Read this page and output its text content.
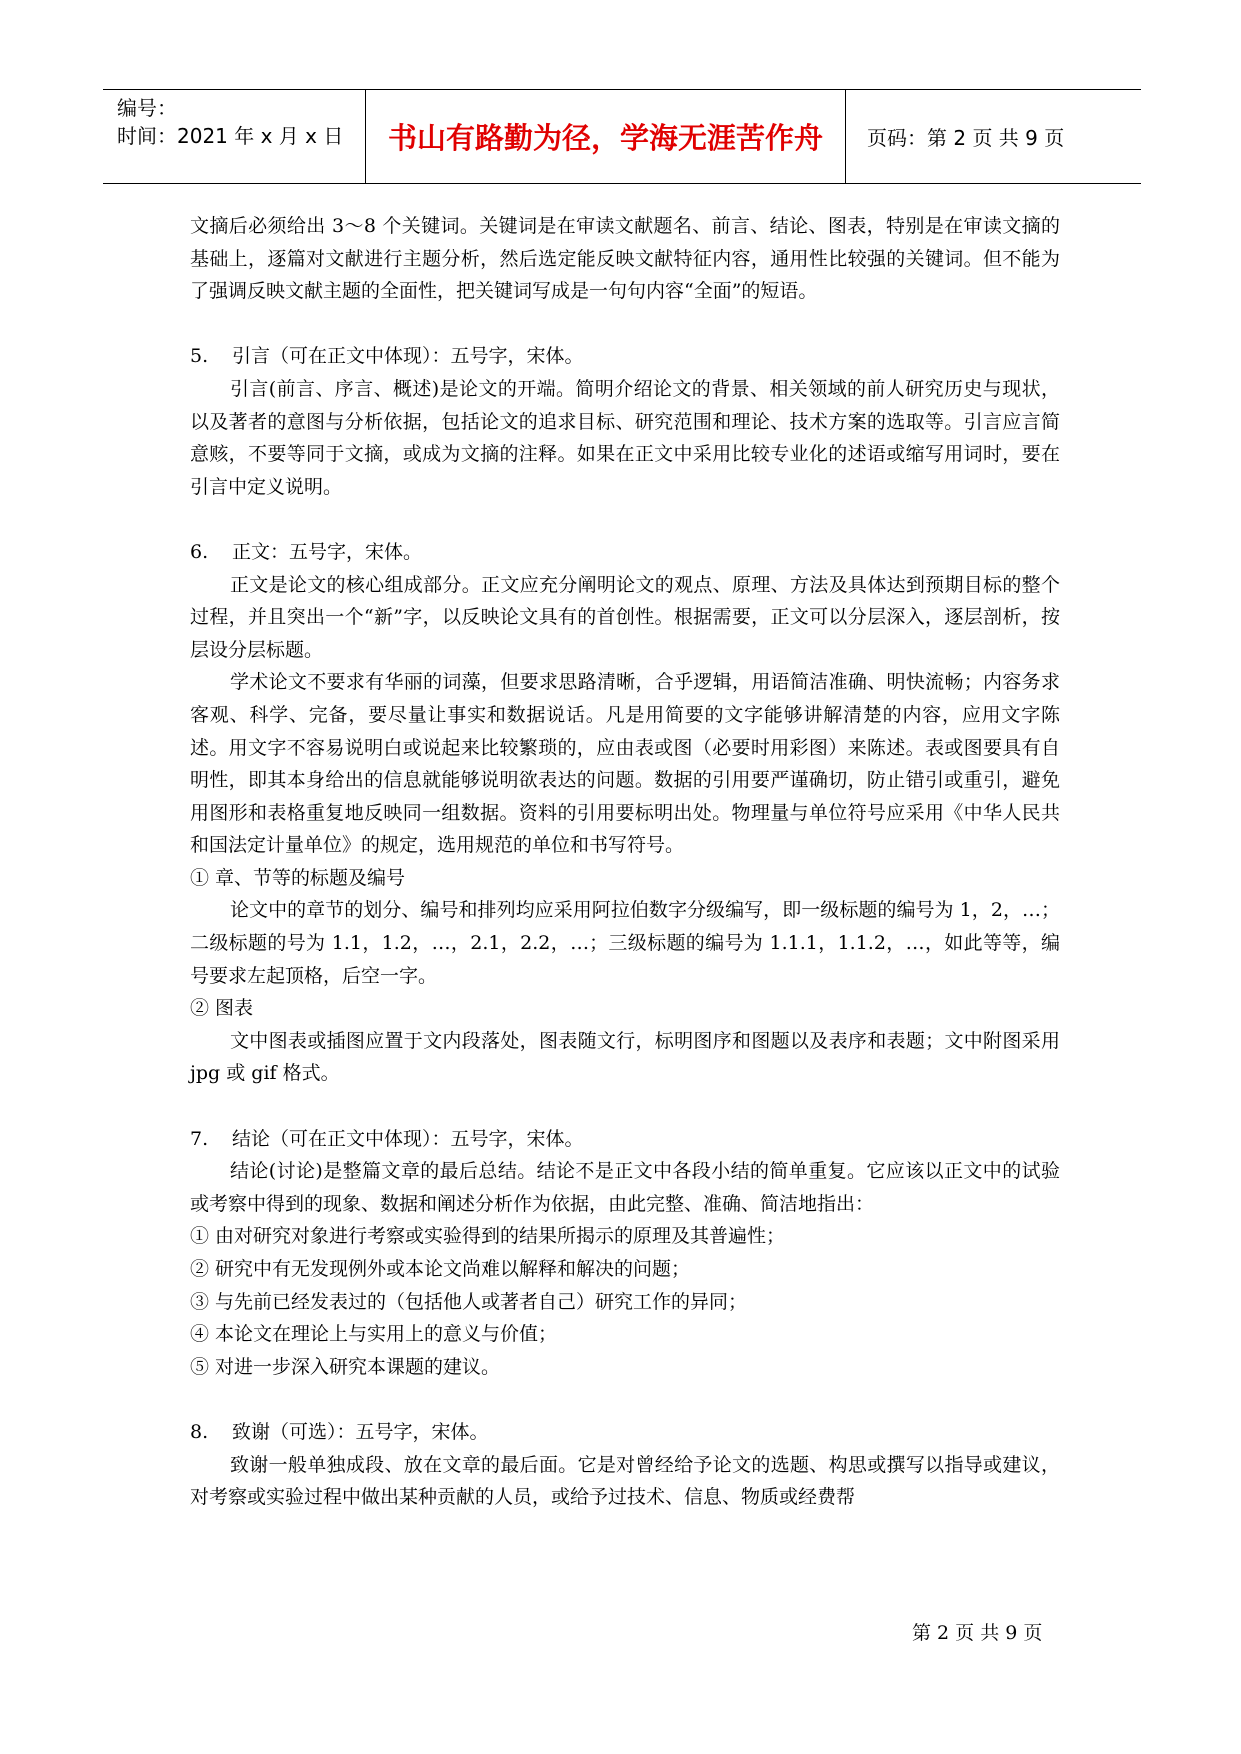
编号：
时间：2021 年 x 月 x 日	书山有路勤为径，学海无涯苦作舟	页码：第 2 页 共 9 页

文摘后必须给出 3～8 个关键词。关键词是在审读文献题名、前言、结论、图表，特别是在审读文摘的基础上，逐篇对文献进行主题分析，然后选定能反映文献特征内容，通用性比较强的关键词。但不能为了强调反映文献主题的全面性，把关键词写成是一句句内容“全面”的短语。

5. 引言（可在正文中体现）：五号字，宋体。

引言(前言、序言、概述)是论文的开端。简明介绍论文的背景、相关领域的前人研究历史与现状，以及著者的意图与分析依据，包括论文的追求目标、研究范围和理论、技术方案的选取等。引言应言简意赅，不要等同于文摘，或成为文摘的注释。如果在正文中采用比较专业化的述语或缩写用词时，要在引言中定义说明。

6. 正文：五号字，宋体。

正文是论文的核心组成部分。正文应充分阐明论文的观点、原理、方法及具体达到预期目标的整个过程，并且突出一个“新”字，以反映论文具有的首创性。根据需要，正文可以分层深入，逐层剖析，按层设分层标题。

学术论文不要求有华丽的词藻，但要求思路清晰，合乎逻辑，用语简洁准确、明快流畅；内容务求客观、科学、完备，要尽量让事实和数据说话。凡是用简要的文字能够讲解清楚的内容，应用文字陈述。用文字不容易说明白或说起来比较繁琐的，应由表或图（必要时用彩图）来陈述。表或图要具有自明性，即其本身给出的信息就能够说明欲表达的问题。数据的引用要严谨确切，防止错引或重引，避免用图形和表格重复地反映同一组数据。资料的引用要标明出处。物理量与单位符号应采用《中华人民共和国法定计量单位》的规定，选用规范的单位和书写符号。

① 章、节等的标题及编号

论文中的章节的划分、编号和排列均应采用阿拉伯数字分级编写，即一级标题的编号为 1，2，…；二级标题的号为 1.1，1.2，…，2.1，2.2，…；三级标题的编号为 1.1.1，1.1.2，…，如此等等，编号要求左起顶格，后空一字。

② 图表

文中图表或插图应置于文内段落处，图表随文行，标明图序和图题以及表序和表题；文中附图采用 jpg 或 gif 格式。

7. 结论（可在正文中体现）：五号字，宋体。

结论(讨论)是整篇文章的最后总结。结论不是正文中各段小结的简单重复。它应该以正文中的试验或考察中得到的现象、数据和阐述分析作为依据，由此完整、准确、简洁地指出：

① 由对研究对象进行考察或实验得到的结果所揭示的原理及其普遍性；

② 研究中有无发现例外或本论文尚难以解释和解决的问题；

③ 与先前已经发表过的（包括他人或著者自己）研究工作的异同；

④ 本论文在理论上与实用上的意义与价值；

⑤ 对进一步深入研究本课题的建议。

8. 致谢（可选）：五号字，宋体。

致谢一般单独成段、放在文章的最后面。它是对曾经给予论文的选题、构思或撰写以指导或建议，对考察或实验过程中做出某种贡献的人员，或给予过技术、信息、物质或经费帮

第 2 页 共 9 页
